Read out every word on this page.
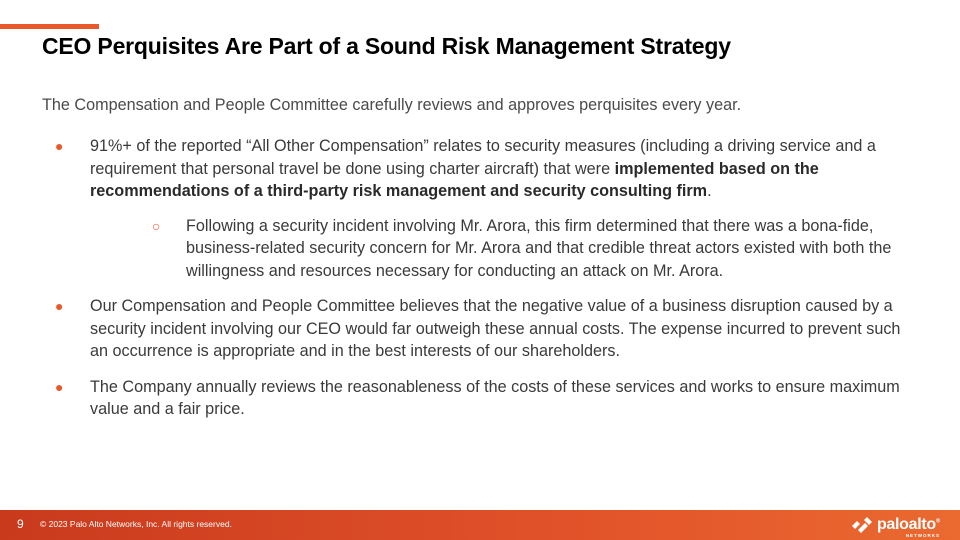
CEO Perquisites Are Part of a Sound Risk Management Strategy

The Compensation and People Committee carefully reviews and approves perquisites every year.

● 91%+ of the reported “All Other Compensation” relates to security measures (including a driving service and a requirement that personal travel be done using charter aircraft) that were implemented based on the recommendations of a third-party risk management and security consulting firm.
○ Following a security incident involving Mr. Arora, this firm determined that there was a bona-fide, business-related security concern for Mr. Arora and that credible threat actors existed with both the willingness and resources necessary for conducting an attack on Mr. Arora.
● Our Compensation and People Committee believes that the negative value of a business disruption caused by a security incident involving our CEO would far outweigh these annual costs. The expense incurred to prevent such an occurrence is appropriate and in the best interests of our shareholders.
● The Company annually reviews the reasonableness of the costs of these services and works to ensure maximum value and a fair price.
9 © 2023 Palo Alto Networks, Inc. All rights reserved.	paloalto®
NETWORKS
